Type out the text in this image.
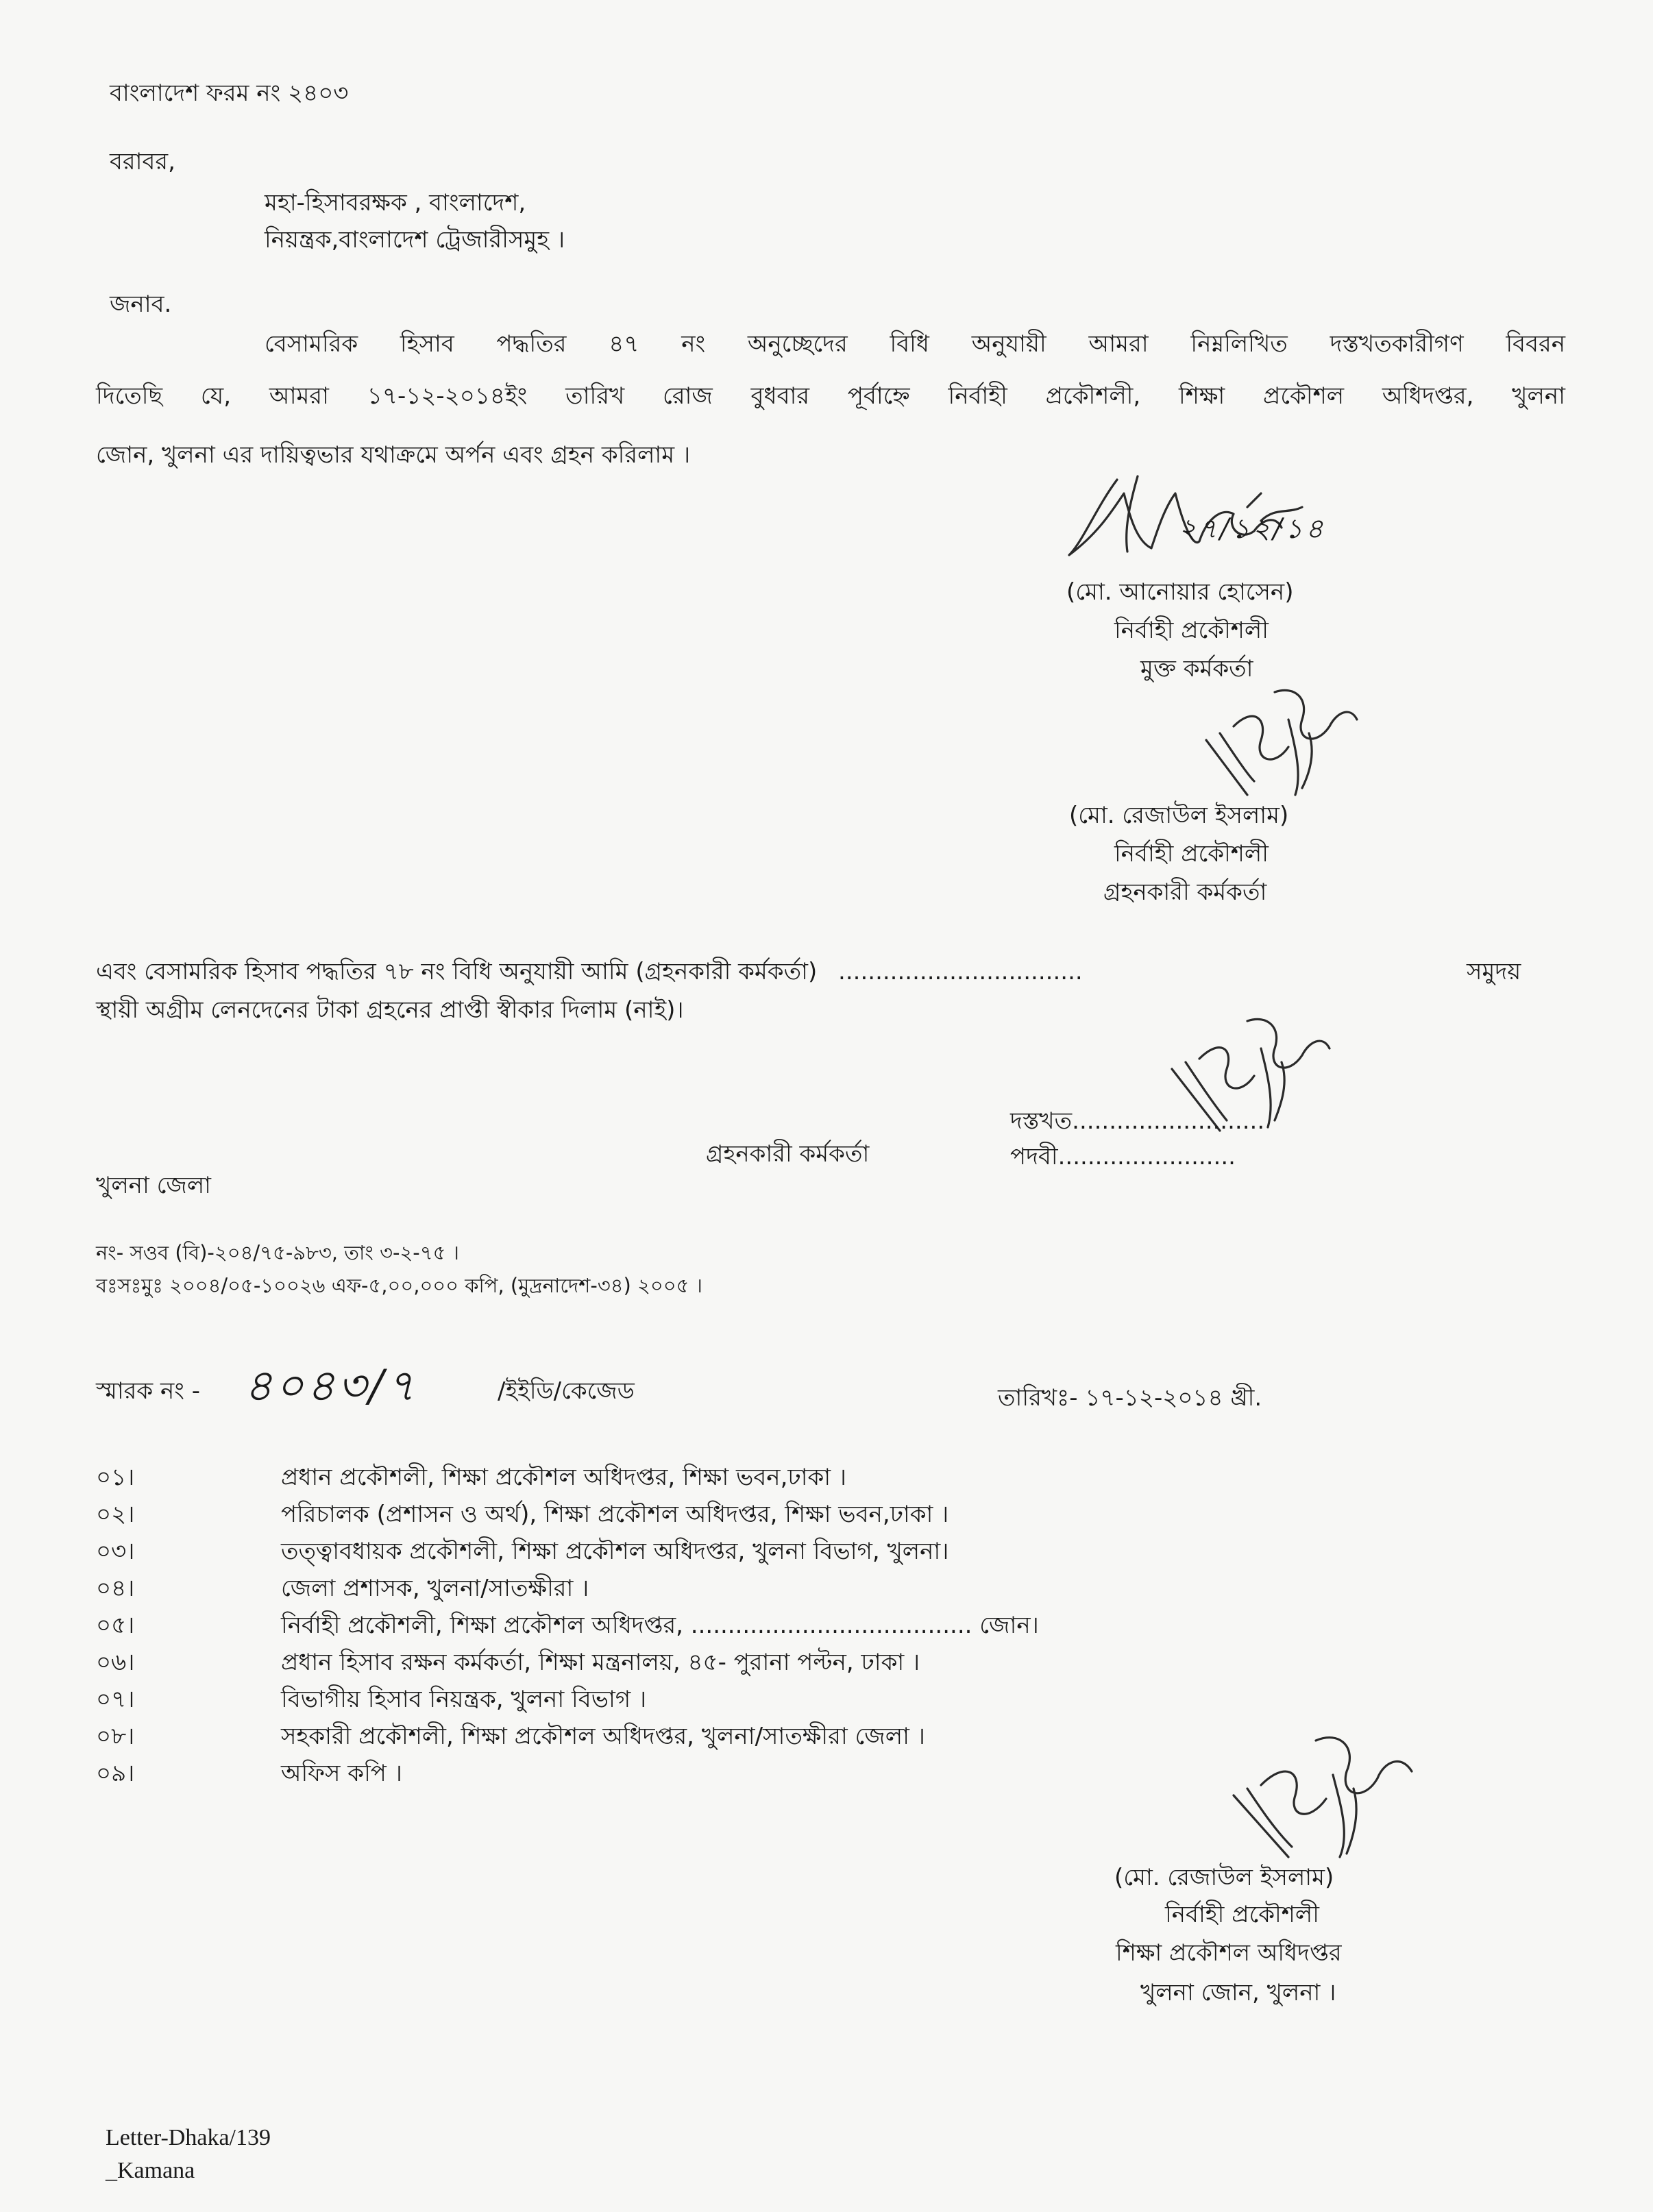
বাংলাদেশ ফরম নং ২৪০৩
বরাবর,
মহা-হিসাবরক্ষক , বাংলাদেশ,
নিয়ন্ত্রক,বাংলাদেশ ট্রেজারীসমুহ ।
জনাব.
বেসামরিক হিসাব পদ্ধতির ৪৭ নং অনুচ্ছেদের বিধি অনুযায়ী আমরা নিম্নলিখিত দস্তখতকারীগণ বিবরন
দিতেছি যে, আমরা ১৭-১২-২০১৪ইং তারিখ রোজ বুধবার পূর্বাহ্নে নির্বাহী প্রকৌশলী, শিক্ষা প্রকৌশল অধিদপ্তর, খুলনা
জোন, খুলনা এর দায়িত্বভার যথাক্রমে অর্পন এবং গ্রহন করিলাম ।
২৭/১২/১৪
(মো. আনোয়ার হোসেন)
নির্বাহী প্রকৌশলী
মুক্ত কর্মকর্তা
(মো. রেজাউল ইসলাম)
নির্বাহী প্রকৌশলী
গ্রহনকারী কর্মকর্তা
এবং বেসামরিক হিসাব পদ্ধতির ৭৮ নং বিধি অনুযায়ী আমি (গ্রহনকারী কর্মকর্তা) .................................	সমুদয়
স্থায়ী অগ্রীম লেনদেনের টাকা গ্রহনের প্রাপ্তী স্বীকার দিলাম (নাই)।
দস্তখত..........................
গ্রহনকারী কর্মকর্তা	পদবী........................
খুলনা জেলা
নং- সওব (বি)-২০৪/৭৫-৯৮৩, তাং ৩-২-৭৫ ।
বঃসঃমুঃ ২০০৪/০৫-১০০২৬ এফ-৫,০০,০০০ কপি, (মুদ্রনাদেশ-৩৪) ২০০৫ ।
স্মারক নং - ৪০৪৩/৭	/ইইডি/কেজেড	তারিখঃ- ১৭-১২-২০১৪ খ্রী.
০১।	প্রধান প্রকৌশলী, শিক্ষা প্রকৌশল অধিদপ্তর, শিক্ষা ভবন,ঢাকা ।
০২।	পরিচালক (প্রশাসন ও অর্থ), শিক্ষা প্রকৌশল অধিদপ্তর, শিক্ষা ভবন,ঢাকা ।
০৩।	তত্ত্বাবধায়ক প্রকৌশলী, শিক্ষা প্রকৌশল অধিদপ্তর, খুলনা বিভাগ, খুলনা।
০৪।	জেলা প্রশাসক, খুলনা/সাতক্ষীরা ।
০৫।	নির্বাহী প্রকৌশলী, শিক্ষা প্রকৌশল অধিদপ্তর, ...................................... জোন।
০৬।	প্রধান হিসাব রক্ষন কর্মকর্তা, শিক্ষা মন্ত্রনালয়, ৪৫- পুরানা পল্টন, ঢাকা ।
০৭।	বিভাগীয় হিসাব নিয়ন্ত্রক, খুলনা বিভাগ ।
০৮।	সহকারী প্রকৌশলী, শিক্ষা প্রকৌশল অধিদপ্তর, খুলনা/সাতক্ষীরা জেলা ।
০৯।	অফিস কপি ।
(মো. রেজাউল ইসলাম)
নির্বাহী প্রকৌশলী
শিক্ষা প্রকৌশল অধিদপ্তর
খুলনা জোন, খুলনা ।
Letter-Dhaka/139
_Kamana
